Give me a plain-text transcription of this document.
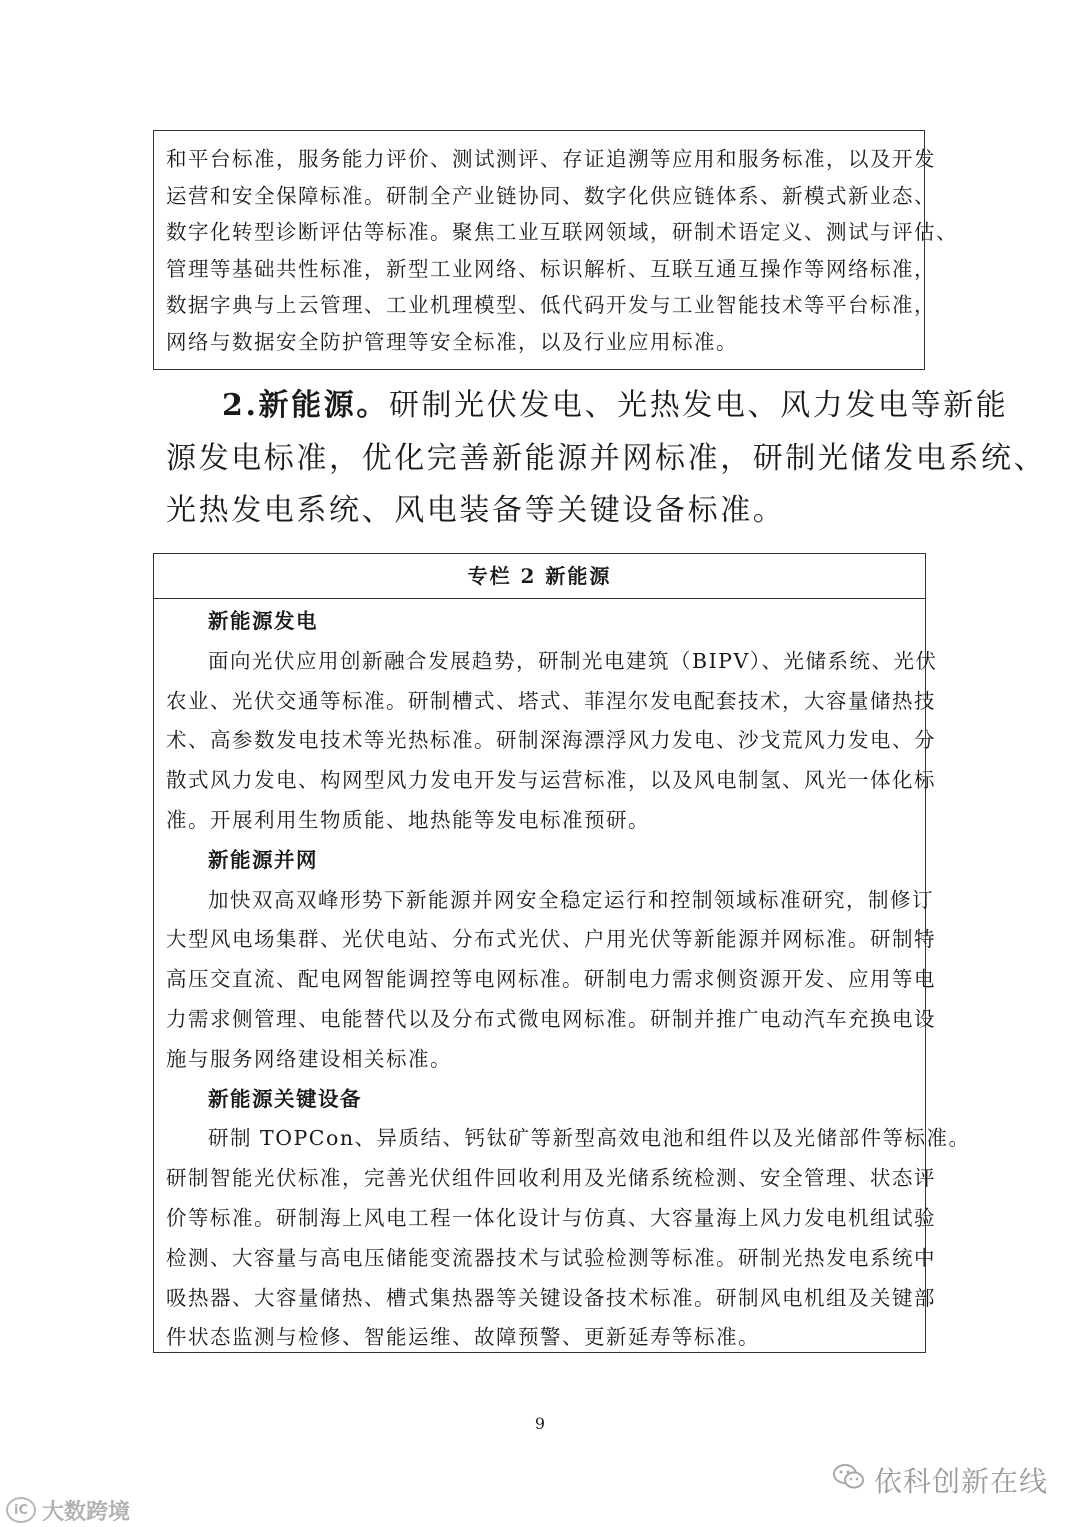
和平台标准，服务能力评价、测试测评、存证追溯等应用和服务标准，以及开发

运营和安全保障标准。研制全产业链协同、数字化供应链体系、新模式新业态、

数字化转型诊断评估等标准。聚焦工业互联网领域，研制术语定义、测试与评估、

管理等基础共性标准，新型工业网络、标识解析、互联互通互操作等网络标准，

数据字典与上云管理、工业机理模型、低代码开发与工业智能技术等平台标准，

网络与数据安全防护管理等安全标准，以及行业应用标准。

2.新能源。研制光伏发电、光热发电、风力发电等新能

源发电标准，优化完善新能源并网标准，研制光储发电系统、

光热发电系统、风电装备等关键设备标准。

专栏 2 新能源

新能源发电

面向光伏应用创新融合发展趋势，研制光电建筑（BIPV）、光储系统、光伏

农业、光伏交通等标准。研制槽式、塔式、菲涅尔发电配套技术，大容量储热技

术、高参数发电技术等光热标准。研制深海漂浮风力发电、沙戈荒风力发电、分

散式风力发电、构网型风力发电开发与运营标准，以及风电制氢、风光一体化标

准。开展利用生物质能、地热能等发电标准预研。

新能源并网

加快双高双峰形势下新能源并网安全稳定运行和控制领域标准研究，制修订

大型风电场集群、光伏电站、分布式光伏、户用光伏等新能源并网标准。研制特

高压交直流、配电网智能调控等电网标准。研制电力需求侧资源开发、应用等电

力需求侧管理、电能替代以及分布式微电网标准。研制并推广电动汽车充换电设

施与服务网络建设相关标准。

新能源关键设备

研制 TOPCon、异质结、钙钛矿等新型高效电池和组件以及光储部件等标准。

研制智能光伏标准，完善光伏组件回收利用及光储系统检测、安全管理、状态评

价等标准。研制海上风电工程一体化设计与仿真、大容量海上风力发电机组试验

检测、大容量与高电压储能变流器技术与试验检测等标准。研制光热发电系统中

吸热器、大容量储热、槽式集热器等关键设备技术标准。研制风电机组及关键部

件状态监测与检修、智能运维、故障预警、更新延寿等标准。

9
依科创新在线
iC 大数跨境
